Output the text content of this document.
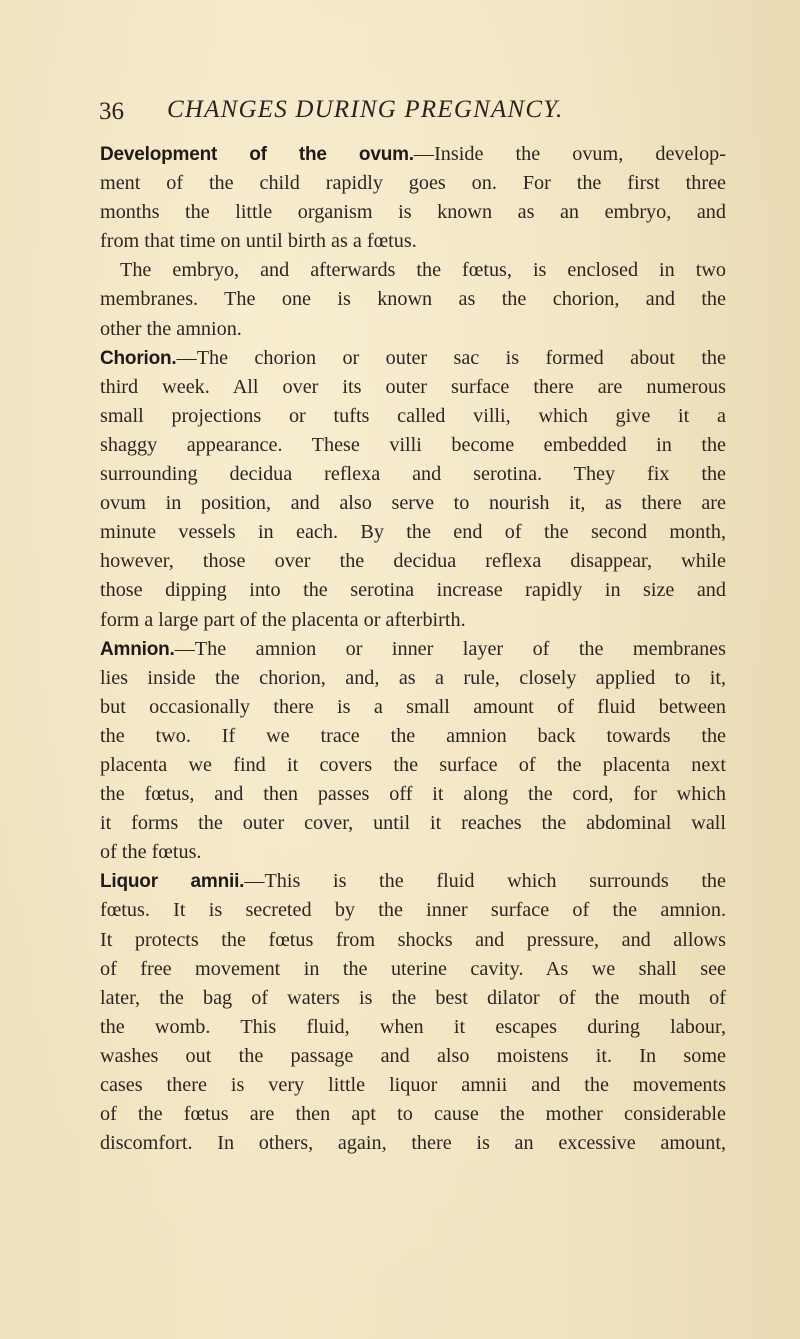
36 CHANGES DURING PREGNANCY.

Development of the ovum.—Inside the ovum, develop-
ment of the child rapidly goes on. For the first three
months the little organism is known as an embryo, and
from that time on until birth as a fœtus.

The embryo, and afterwards the fœtus, is enclosed in two
membranes. The one is known as the chorion, and the
other the amnion.

Chorion.—The chorion or outer sac is formed about the
third week. All over its outer surface there are numerous
small projections or tufts called villi, which give it a
shaggy appearance. These villi become embedded in the
surrounding decidua reflexa and serotina. They fix the
ovum in position, and also serve to nourish it, as there are
minute vessels in each. By the end of the second month,
however, those over the decidua reflexa disappear, while
those dipping into the serotina increase rapidly in size and
form a large part of the placenta or afterbirth.

Amnion.—The amnion or inner layer of the membranes
lies inside the chorion, and, as a rule, closely applied to it,
but occasionally there is a small amount of fluid between
the two. If we trace the amnion back towards the
placenta we find it covers the surface of the placenta next
the fœtus, and then passes off it along the cord, for which
it forms the outer cover, until it reaches the abdominal wall
of the fœtus.

Liquor amnii.—This is the fluid which surrounds the
fœtus. It is secreted by the inner surface of the amnion.
It protects the fœtus from shocks and pressure, and allows
of free movement in the uterine cavity. As we shall see
later, the bag of waters is the best dilator of the mouth of
the womb. This fluid, when it escapes during labour,
washes out the passage and also moistens it. In some
cases there is very little liquor amnii and the movements
of the fœtus are then apt to cause the mother considerable
discomfort. In others, again, there is an excessive amount,
